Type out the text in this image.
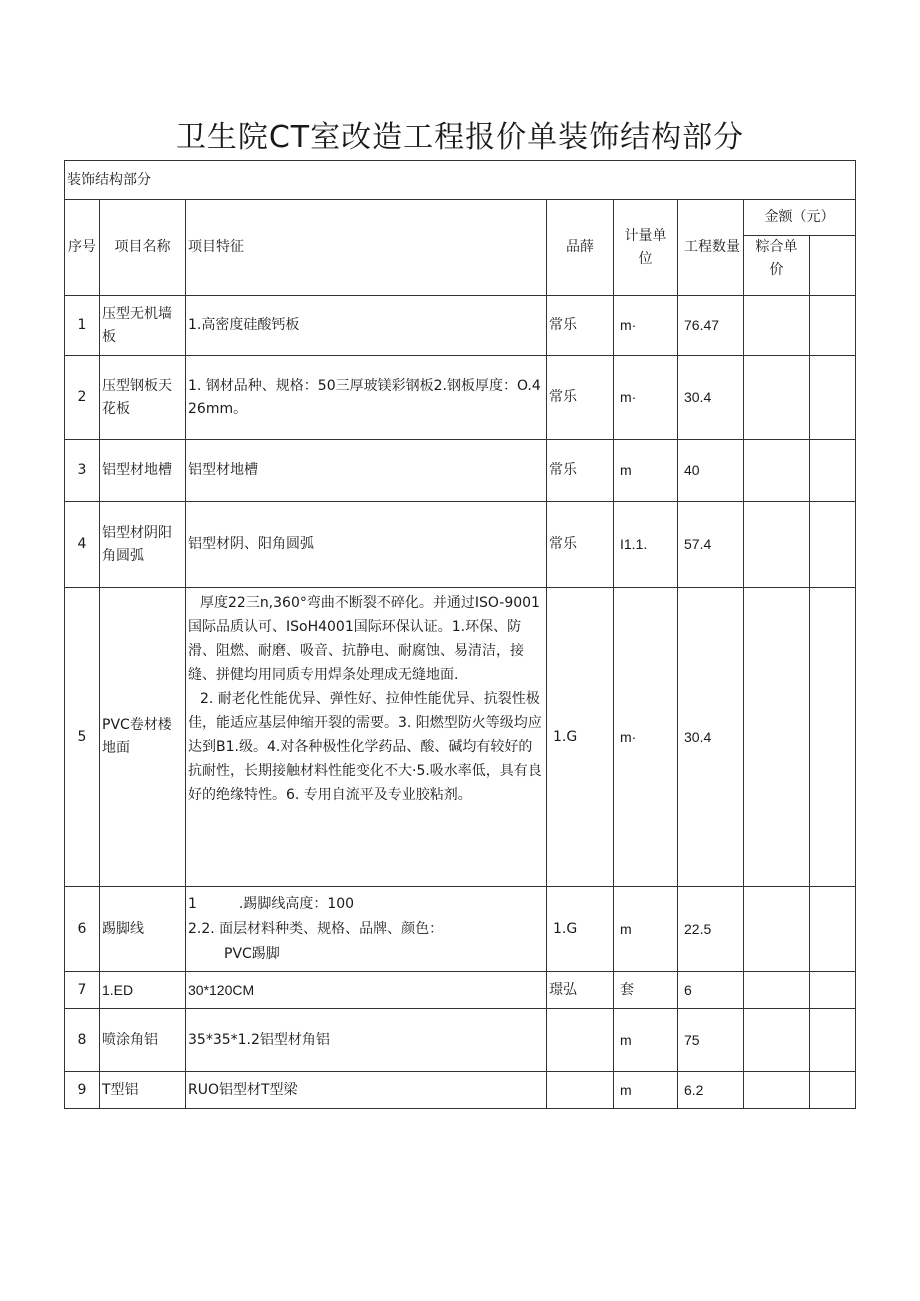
卫生院CT室改造工程报价单装饰结构部分
装饰结构部分							
序号	项目名称	项目特征	品薛	计量单位	工程数量	金额（元）	
						粽合单价	
1	压型无机墙板	1.高密度硅酸钙板	常乐	m·	76.47		
2	压型钢板天花板	1. 钢材品种、规格：50三厚玻镁彩钢板2.钢板厚度：O.426mm。	常乐	m·	30.4		
3	铝型材地槽	铝型材地槽	常乐	m	40		
4	铝型材阴阳角圆弧	铝型材阴、阳角圆弧	常乐	I1.1.	57.4		
5	PVC卷材楼地面	厚度22三n,360°弯曲不断裂不碎化。并通过ISO-9001国际品质认可、ISoH4001国际环保认证。1.环保、防滑、阻燃、耐磨、吸音、抗静电、耐腐蚀、易清洁，接缝、拼健均用同质专用焊条处理成无缝地面.
2. 耐老化性能优异、弹性好、拉伸性能优异、抗裂性极佳，能适应基层伸缩开裂的需要。3. 阳燃型防火等级均应达到B1.级。4.对各种极性化学药品、酸、碱均有较好的抗耐性，长期接触材料性能变化不大·5.吸水率低，具有良好的绝缘特性。6. 专用自流平及专业胶粘剂。	1.G	m·	30.4		
6	踢脚线	1　　　.踢脚线高度：100
2.2. 面层材料种类、规格、品牌、颜色：
PVC踢脚	1.G	m	22.5		
7	1.ED	30*120CM	璟弘	套	6		
8	喷涂角铝	35*35*1.2铝型材角铝		m	75		
9	T型铝	RUO铝型材T型梁		m	6.2		
